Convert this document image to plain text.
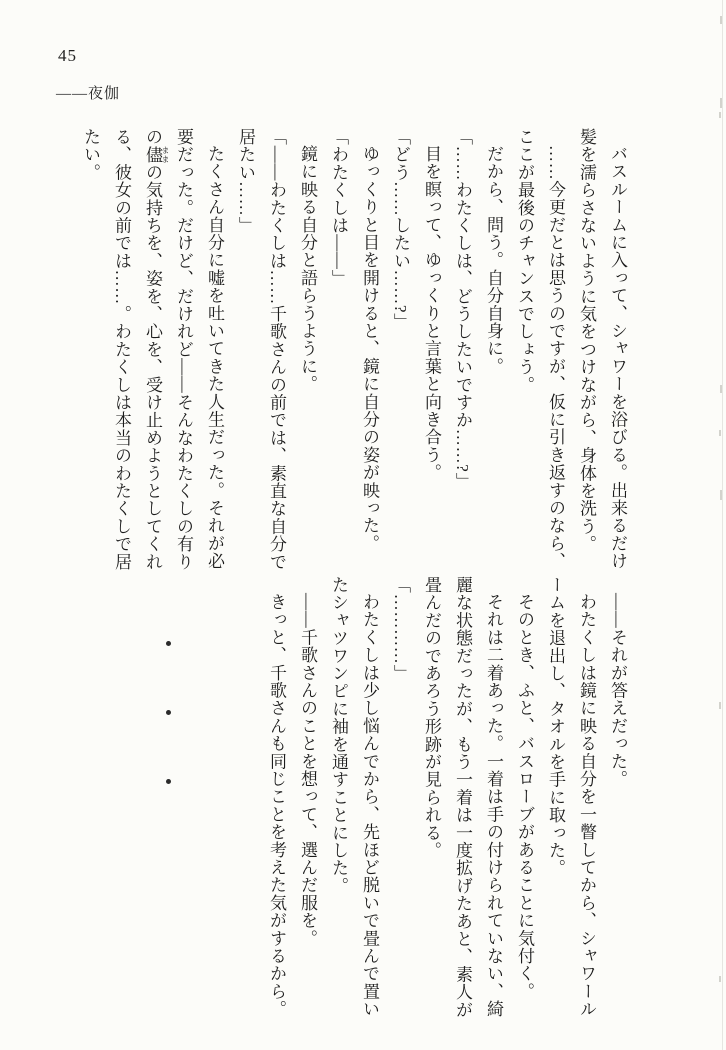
45
――夜伽

バスルームに入って、シャワーを浴びる。出来るだけ髪を濡らさないように気をつけながら、身体を洗う。

……今更だとは思うのですが、仮に引き返すのなら、ここが最後のチャンスでしょう。

だから、問う。自分自身に。

「……わたくしは、どうしたいですか……?」

目を瞑って、ゆっくりと言葉と向き合う。

「どう……したい……?」

ゆっくりと目を開けると、鏡に自分の姿が映った。

「わたくしは――」

鏡に映る自分と語らうように。

「――わたくしは……千歌さんの前では、素直な自分で居たい……」

たくさん自分に嘘を吐いてきた人生だった。それが必要だった。だけど、だけれど――そんなわたくしの有りの儘 ままの気持ちを、姿を、心を、受け止めようとしてくれる、彼女の前では……。わたくしは本当のわたくしで居たい。

――それが答えだった。

わたくしは鏡に映る自分を一瞥してから、シャワールームを退出し、タオルを手に取った。

そのとき、ふと、バスローブがあることに気付く。

それは二着あった。一着は手の付けられていない、綺麗な状態だったが、もう一着は一度拡げたあと、素人が畳んだのであろう形跡が見られる。

「…………」

わたくしは少し悩んでから、先ほど脱いで畳んで置いたシャツワンピに袖を通すことにした。

――千歌さんのことを想って、選んだ服を。

きっと、千歌さんも同じことを考えた気がするから。
